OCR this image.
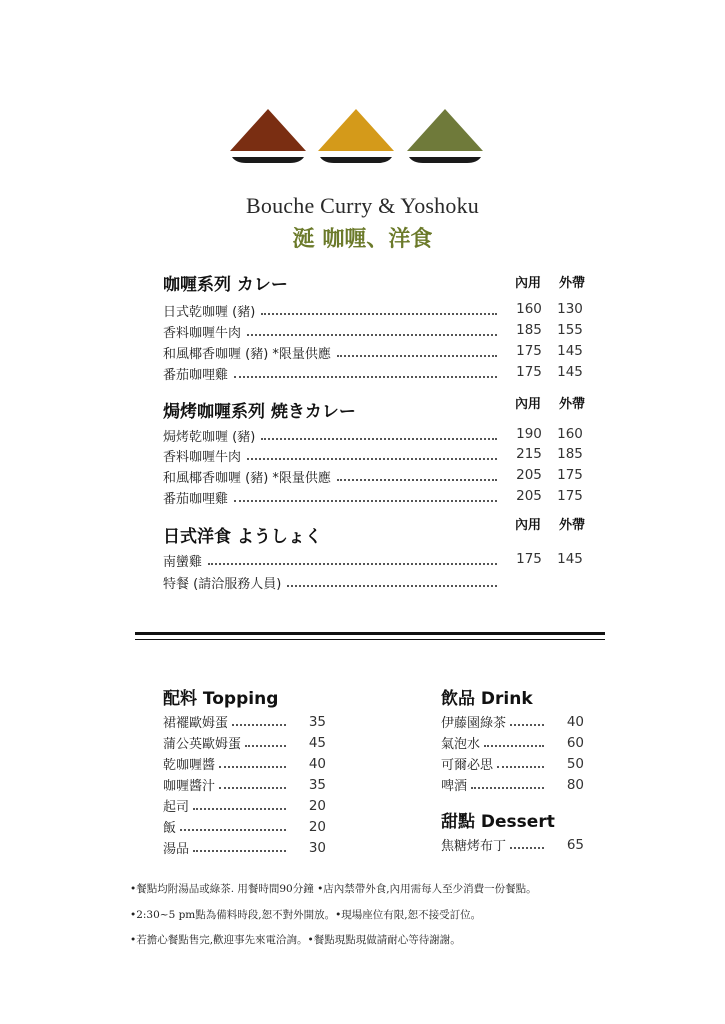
Bouche Curry & Yoshoku
涎 咖喱、洋食
咖喱系列 カレー	內用 外帶
日式乾咖喱 (豬)	160	130
香料咖喱牛肉	185	155
和風椰香咖喱 (豬) *限量供應	175	145
番茄咖哩雞	175	145
焗烤咖喱系列 焼きカレー	內用 外帶
焗烤乾咖喱 (豬)	190	160
香料咖喱牛肉	215	185
和風椰香咖喱 (豬) *限量供應	205	175
番茄咖哩雞	205	175
日式洋食 ようしょく
內用 外帶
南蠻雞	175	145
特餐 (請洽服務人員)
配料 Topping
裙襬歐姆蛋	35
蒲公英歐姆蛋	45
乾咖喱醬	40
咖喱醬汁	35
起司	20
飯	20
湯品	30
飲品 Drink
伊藤園綠茶	40
氣泡水	60
可爾必思	50
啤酒	80
甜點 Dessert
焦糖烤布丁	65
•餐點均附湯品或綠茶. 用餐時間90分鐘 •店內禁帶外食,內用需每人至少消費一份餐點。
•2:30~5 pm點為備料時段,恕不對外開放。•現場座位有限,恕不接受訂位。
•若擔心餐點售完,歡迎事先來電洽詢。•餐點現點現做請耐心等待謝謝。
